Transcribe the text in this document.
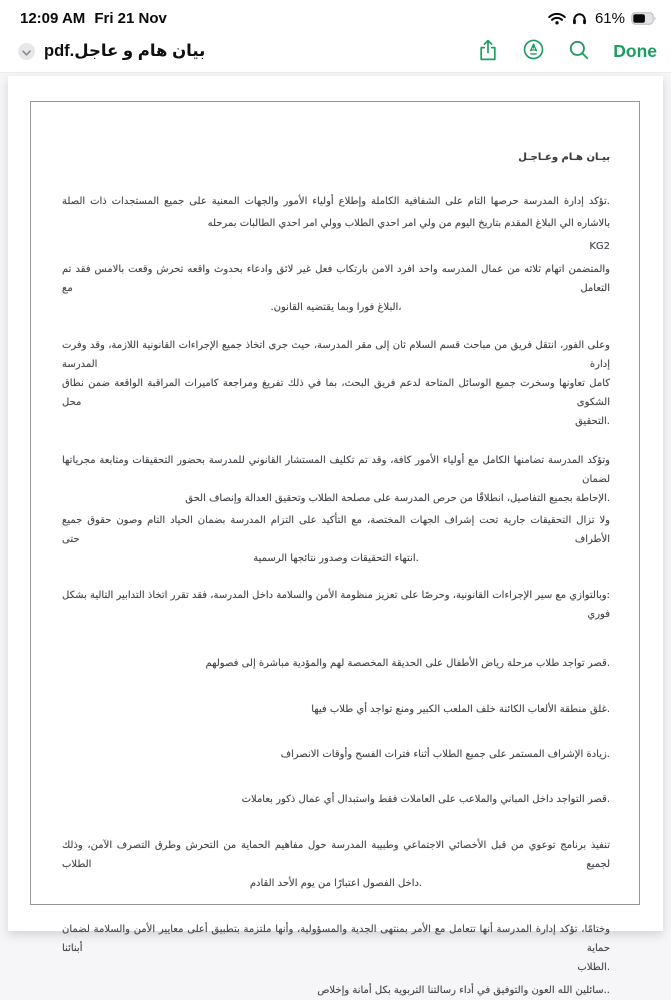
12:09 AM Fri 21 Nov	61%
بيان هام و عاجل.pdf	Done
بيـان هـام وعـاجـل
.تؤكد إدارة المدرسة حرصها التام على الشفافية الكاملة وإطلاع أولياء الأمور والجهات المعنية على جميع المستجدات ذات الصلة
بالاشاره الي البلاغ المقدم بتاريخ اليوم من ولي امر احدي الطلاب وولي امر احدي الطالبات بمرحله
KG2
والمتضمن اتهام ثلاثه من عمال المدرسه واحد افرد الامن بارتكاب فعل غير لائق وادعاء بحدوث واقعه تحرش وقعت بالامس فقد تم التعامل مع
،البلاغ فورا وبما يقتضيه القانون.
وعلى الفور، انتقل فريق من مباحث قسم السلام ثان إلى مقر المدرسة، حيث جرى اتخاذ جميع الإجراءات القانونية اللازمة، وقد وفرت إدارة المدرسة
كامل تعاونها وسخرت جميع الوسائل المتاحة لدعم فريق البحث، بما في ذلك تفريغ ومراجعة كاميرات المراقبة الواقعة ضمن نطاق الشكوى محل
.التحقيق
وتؤكد المدرسة تضامنها الكامل مع أولياء الأمور كافة، وقد تم تكليف المستشار القانوني للمدرسة بحضور التحقيقات ومتابعة مجرياتها لضمان
.الإحاطة بجميع التفاصيل، انطلاقًا من حرص المدرسة على مصلحة الطلاب وتحقيق العدالة وإنصاف الحق
ولا تزال التحقيقات جارية تحت إشراف الجهات المختصة، مع التأكيد على التزام المدرسة بضمان الحياد التام وصون حقوق جميع الأطراف حتى
.انتهاء التحقيقات وصدور نتائجها الرسمية
:وبالتوازي مع سير الإجراءات القانونية، وحرصًا على تعزيز منظومة الأمن والسلامة داخل المدرسة، فقد تقرر اتخاذ التدابير التالية بشكل فوري
.قصر تواجد طلاب مرحلة رياض الأطفال على الحديقة المخصصة لهم والمؤدية مباشرة إلى فصولهم
.غلق منطقة الألعاب الكائنة خلف الملعب الكبير ومنع تواجد أي طلاب فيها
.زيادة الإشراف المستمر على جميع الطلاب أثناء فترات الفسح وأوقات الانصراف
.قصر التواجد داخل المباني والملاعب على العاملات فقط واستبدال أي عمال ذكور بعاملات
تنفيذ برنامج توعوي من قبل الأخصائي الاجتماعي وطبيبة المدرسة حول مفاهيم الحماية من التحرش وطرق التصرف الآمن، وذلك لجميع الطلاب
.داخل الفصول اعتبارًا من يوم الأحد القادم
وختامًا، تؤكد إدارة المدرسة أنها تتعامل مع الأمر بمنتهى الجدية والمسؤولية، وأنها ملتزمة بتطبيق أعلى معايير الأمن والسلامة لضمان حماية أبنائنا
.الطلاب
..سائلين الله العون والتوفيق في أداء رسالتنا التربوية بكل أمانة وإخلاص
